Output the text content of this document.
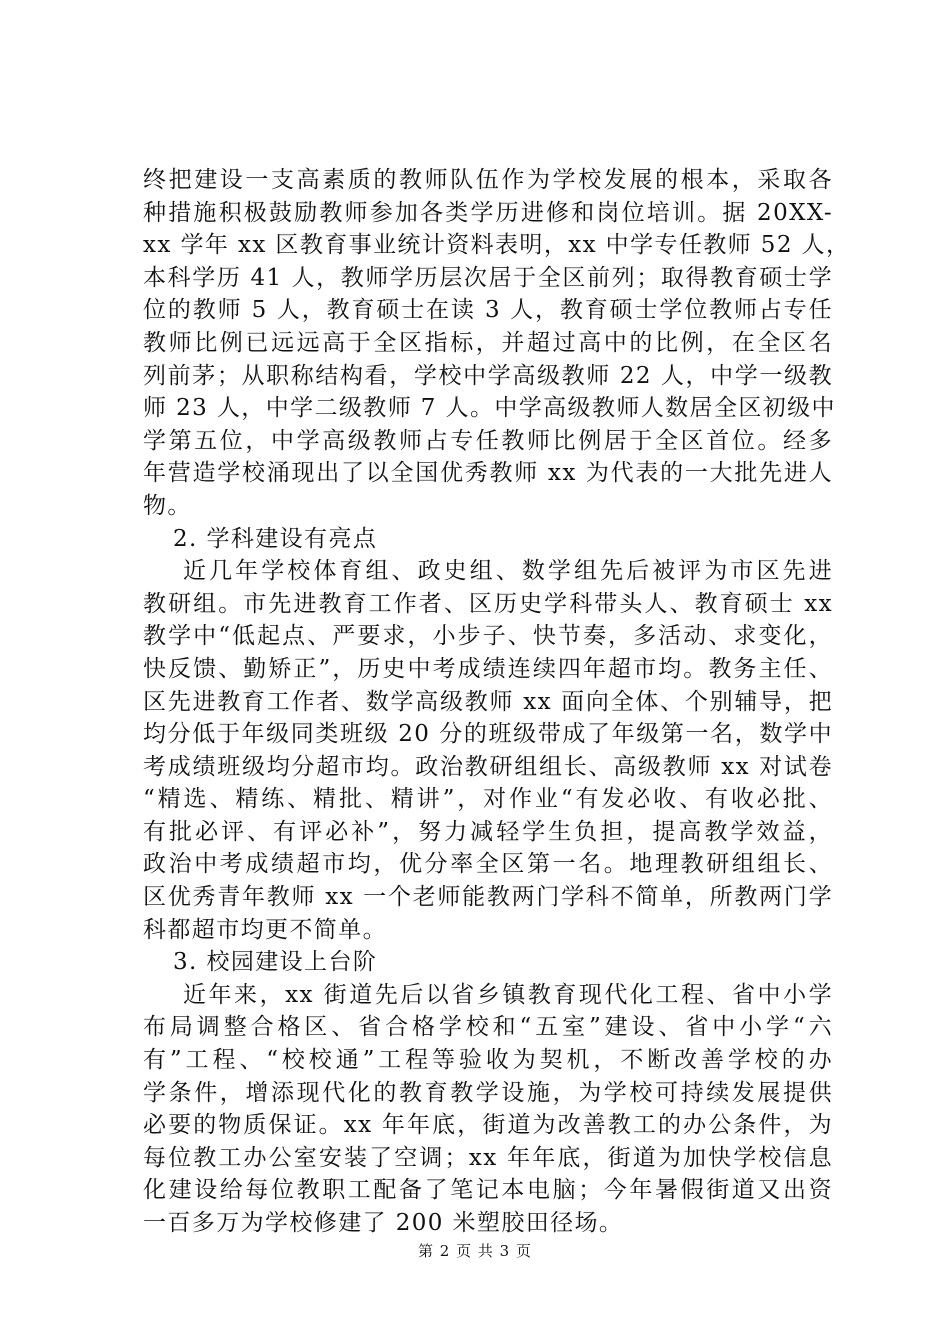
终把建设一支高素质的教师队伍作为学校发展的根本，采取各
种措施积极鼓励教师参加各类学历进修和岗位培训。据 20XX-
xx 学年 xx 区教育事业统计资料表明，xx 中学专任教师 52 人，
本科学历 41 人，教师学历层次居于全区前列；取得教育硕士学
位的教师 5 人，教育硕士在读 3 人，教育硕士学位教师占专任
教师比例已远远高于全区指标，并超过高中的比例，在全区名
列前茅；从职称结构看，学校中学高级教师 22 人，中学一级教
师 23 人，中学二级教师 7 人。中学高级教师人数居全区初级中
学第五位，中学高级教师占专任教师比例居于全区首位。经多
年营造学校涌现出了以全国优秀教师 xx 为代表的一大批先进人
物。
2. 学科建设有亮点
近几年学校体育组、政史组、数学组先后被评为市区先进
教研组。市先进教育工作者、区历史学科带头人、教育硕士 xx
教学中“低起点、严要求，小步子、快节奏，多活动、求变化，
快反馈、勤矫正”，历史中考成绩连续四年超市均。教务主任、
区先进教育工作者、数学高级教师 xx 面向全体、个别辅导，把
均分低于年级同类班级 20 分的班级带成了年级第一名，数学中
考成绩班级均分超市均。政治教研组组长、高级教师 xx 对试卷
“精选、精练、精批、精讲”，对作业“有发必收、有收必批、
有批必评、有评必补”，努力减轻学生负担，提高教学效益，
政治中考成绩超市均，优分率全区第一名。地理教研组组长、
区优秀青年教师 xx 一个老师能教两门学科不简单，所教两门学
科都超市均更不简单。
3. 校园建设上台阶
近年来，xx 街道先后以省乡镇教育现代化工程、省中小学
布局调整合格区、省合格学校和“五室”建设、省中小学“六
有”工程、“校校通”工程等验收为契机，不断改善学校的办
学条件，增添现代化的教育教学设施，为学校可持续发展提供
必要的物质保证。xx 年年底，街道为改善教工的办公条件，为
每位教工办公室安装了空调；xx 年年底，街道为加快学校信息
化建设给每位教职工配备了笔记本电脑；今年暑假街道又出资
一百多万为学校修建了 200 米塑胶田径场。
第 2 页 共 3 页
